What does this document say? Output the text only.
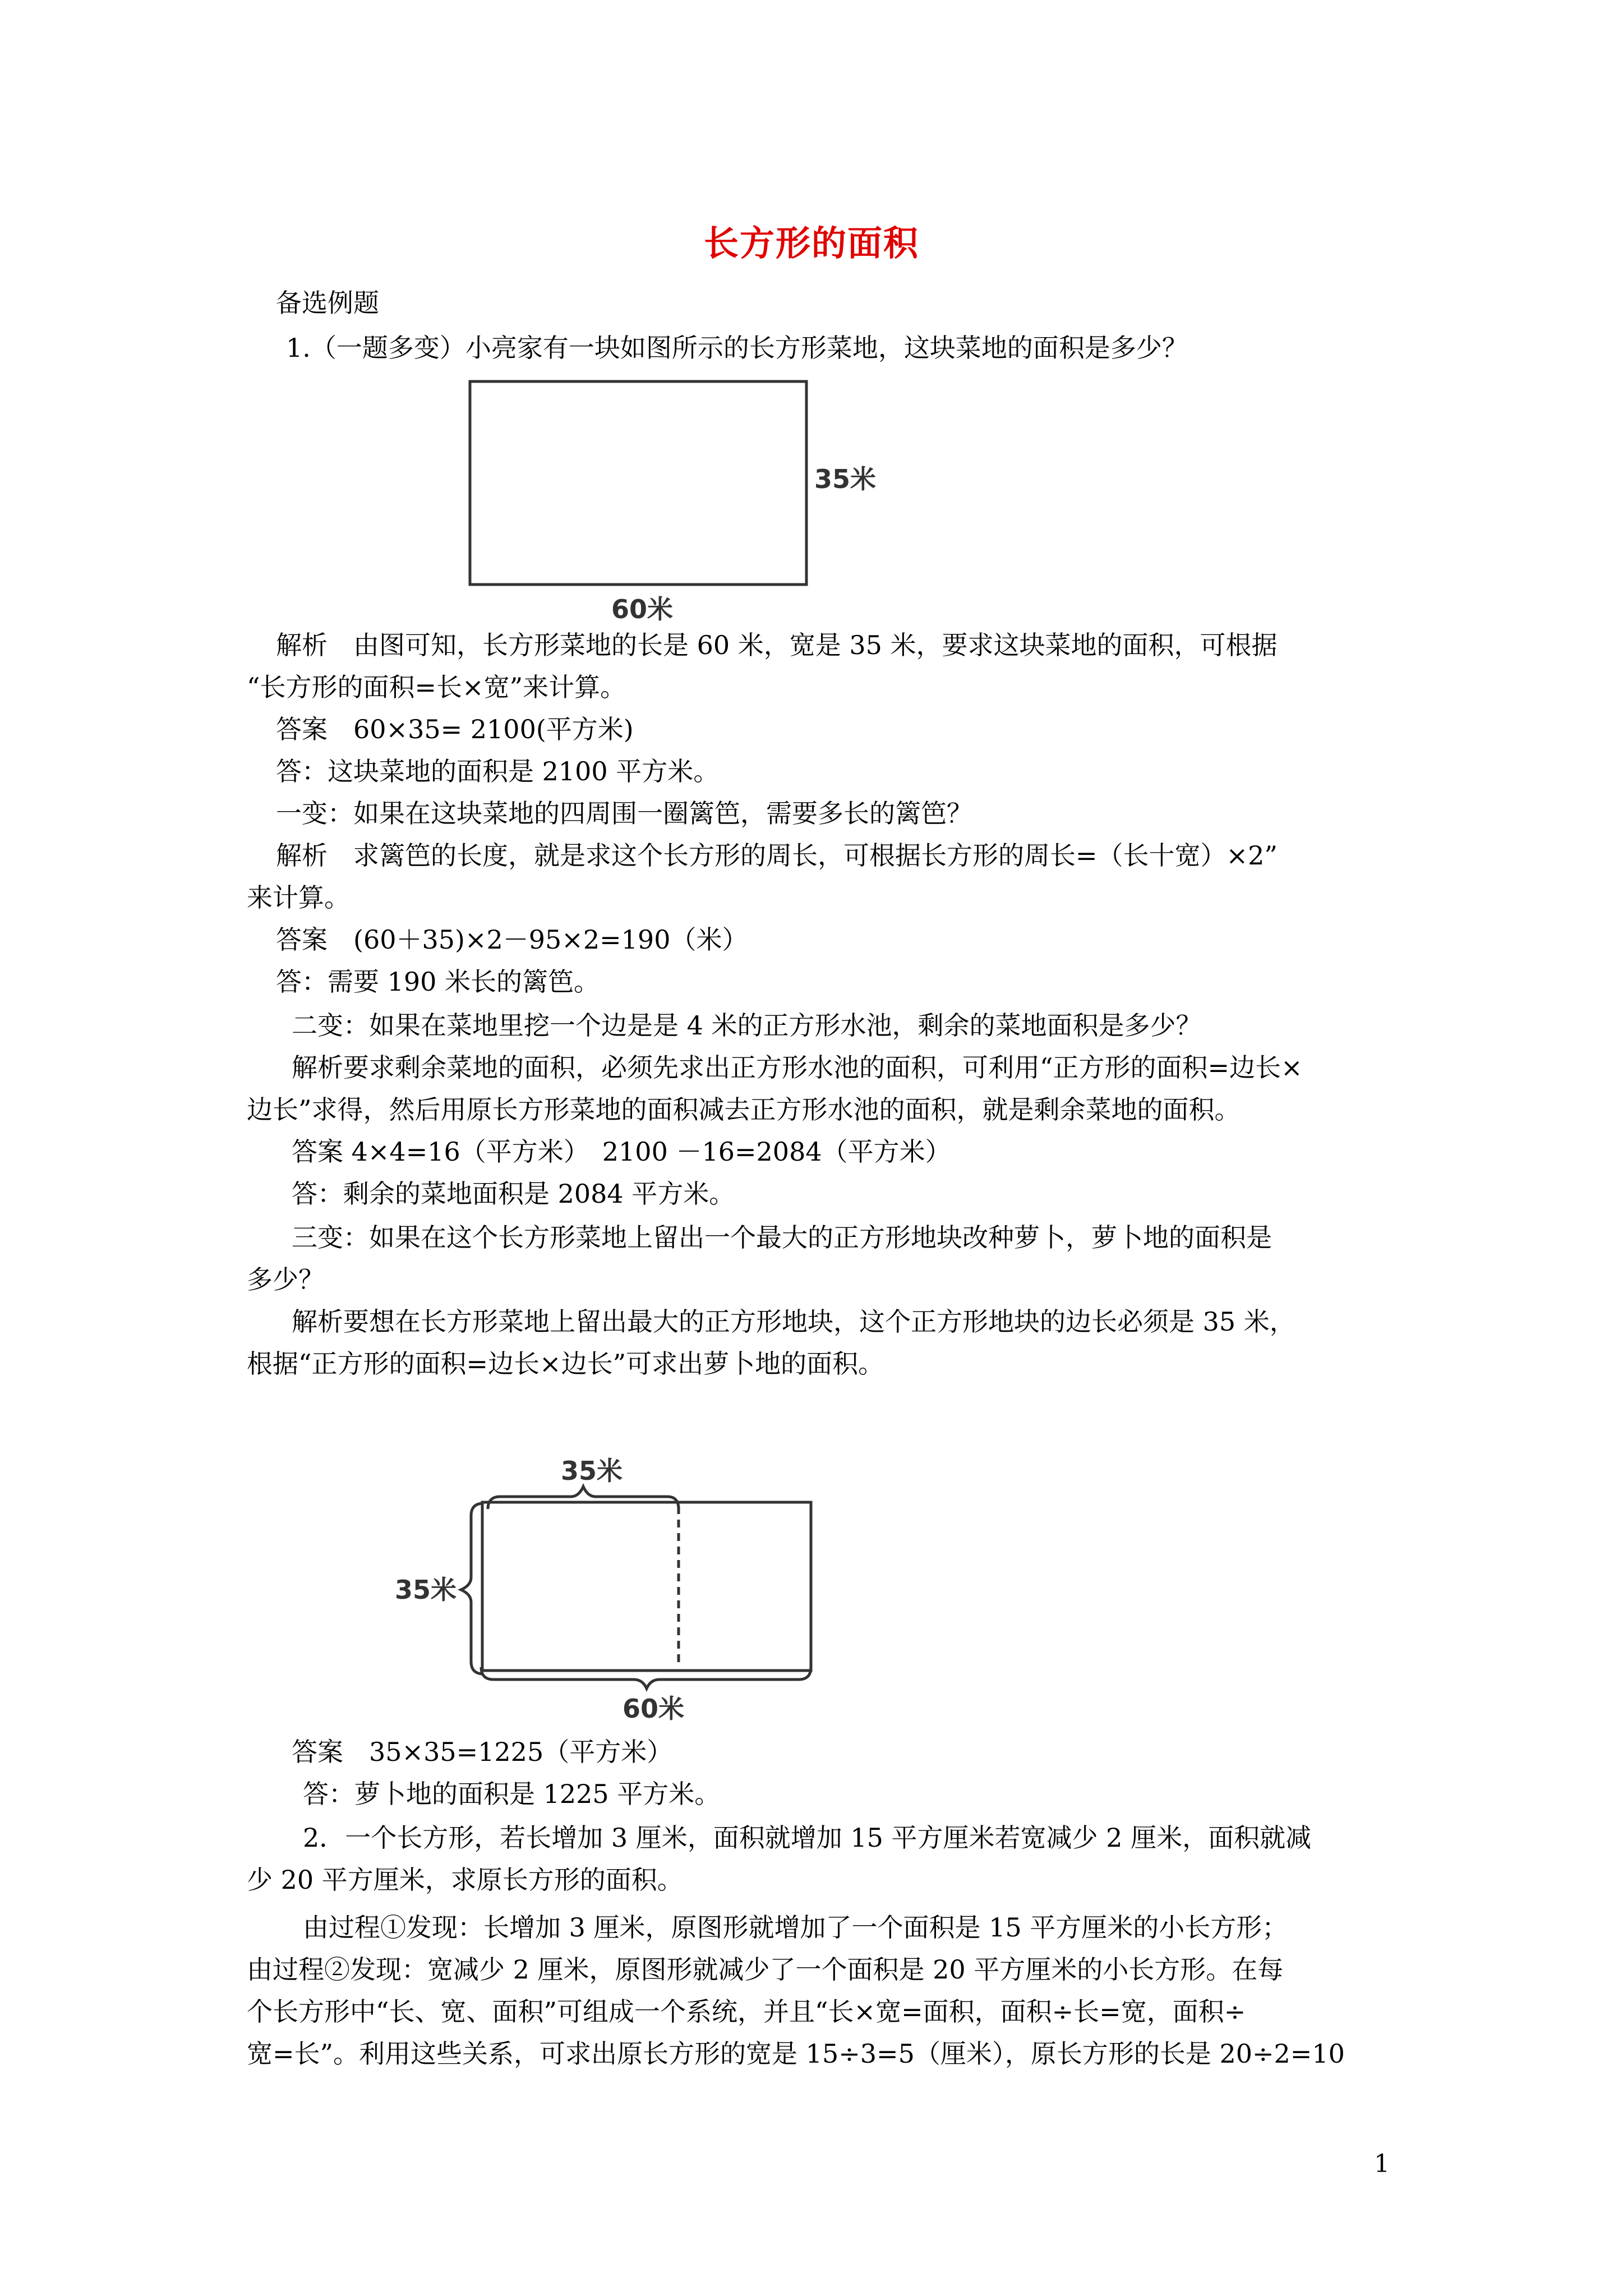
长方形的面积
备选例题
1.（一题多变）小亮家有一块如图所示的长方形菜地，这块菜地的面积是多少？
35米
60米
解析　由图可知，长方形菜地的长是 60 米，宽是 35 米，要求这块菜地的面积，可根据
“长方形的面积=长×宽”来计算。
答案　60×35= 2100(平方米)
答：这块菜地的面积是 2100 平方米。
一变：如果在这块菜地的四周围一圈篱笆，需要多长的篱笆？
解析　求篱笆的长度，就是求这个长方形的周长，可根据长方形的周长=（长十宽）×2”
来计算。
答案　(60＋35)×2－95×2=190（米）
答：需要 190 米长的篱笆。
二变：如果在菜地里挖一个边是是 4 米的正方形水池，剩余的菜地面积是多少？
解析要求剩余菜地的面积，必须先求出正方形水池的面积，可利用“正方形的面积=边长×
边长”求得，然后用原长方形菜地的面积减去正方形水池的面积，就是剩余菜地的面积。
答案 4×4=16（平方米）　2100 －16=2084（平方米）
答：剩余的菜地面积是 2084 平方米。
三变：如果在这个长方形菜地上留出一个最大的正方形地块改种萝卜，萝卜地的面积是
多少？
解析要想在长方形菜地上留出最大的正方形地块，这个正方形地块的边长必须是 35 米，
根据“正方形的面积=边长×边长”可求出萝卜地的面积。
35米
35米
60米
答案　35×35=1225（平方米）
答：萝卜地的面积是 1225 平方米。
2．一个长方形，若长增加 3 厘米，面积就增加 15 平方厘米若宽减少 2 厘米，面积就减
少 20 平方厘米，求原长方形的面积。
由过程①发现：长增加 3 厘米，原图形就增加了一个面积是 15 平方厘米的小长方形；
由过程②发现：宽减少 2 厘米，原图形就减少了一个面积是 20 平方厘米的小长方形。在每
个长方形中“长、宽、面积”可组成一个系统，并且“长×宽=面积，面积÷长=宽，面积÷
宽=长”。利用这些关系，可求出原长方形的宽是 15÷3=5（厘米），原长方形的长是 20÷2=10
1
